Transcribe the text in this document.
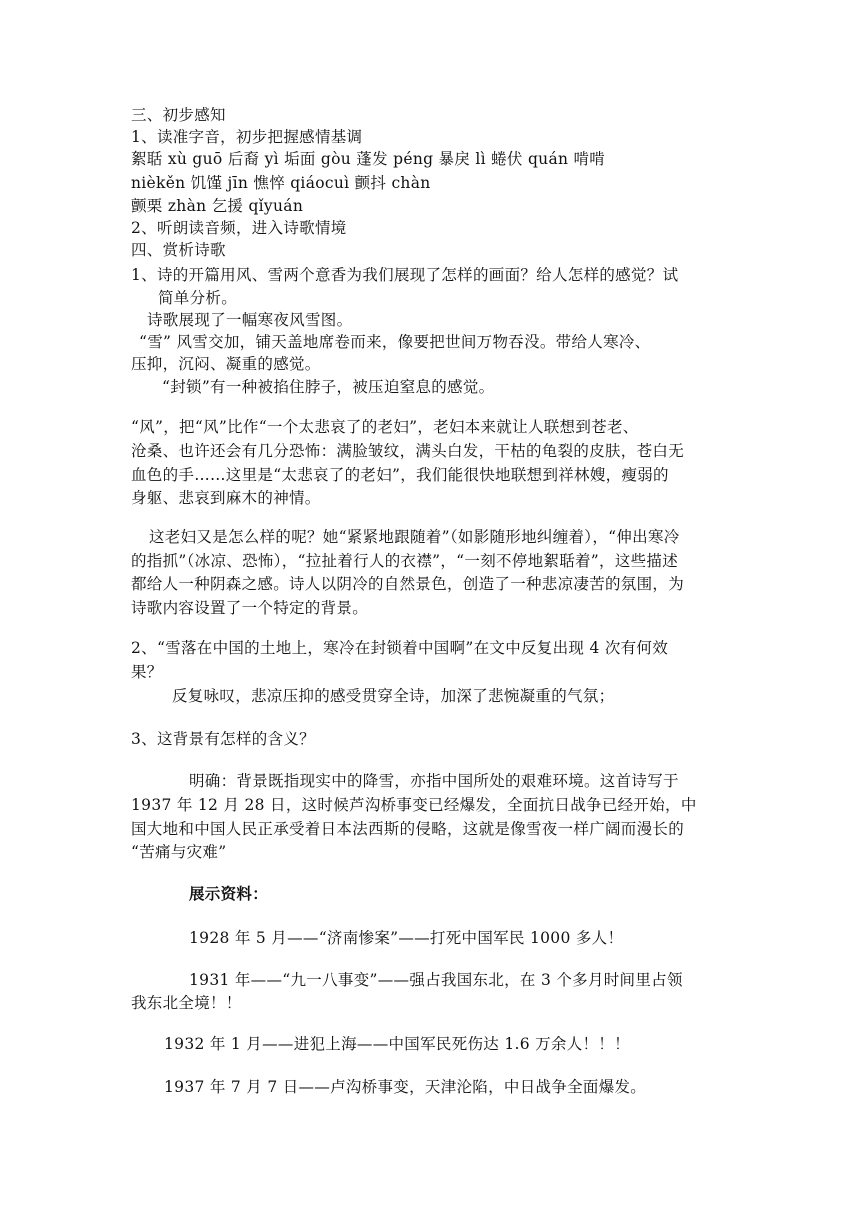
三、初步感知
1、读准字音，初步把握感情基调
絮聒 xù guō 后裔 yì 垢面 gòu 蓬发 péng 暴戾 lì 蜷伏 quán 啃啃
nièkěn 饥馑 jīn 憔悴 qiáocuì 颤抖 chàn
颤栗 zhàn 乞援 qǐyuán
2、听朗读音频，进入诗歌情境
四、赏析诗歌
1、诗的开篇用风、雪两个意香为我们展现了怎样的画面？给人怎样的感觉？试
简单分析。
诗歌展现了一幅寒夜风雪图。
“雪” 风雪交加，铺天盖地席卷而来，像要把世间万物吞没。带给人寒冷、
压抑，沉闷、凝重的感觉。
“封锁”有一种被掐住脖子，被压迫窒息的感觉。
“风”，把“风”比作“一个太悲哀了的老妇”，老妇本来就让人联想到苍老、
沧桑、也许还会有几分恐怖：满脸皱纹，满头白发，干枯的龟裂的皮肤，苍白无
血色的手……这里是“太悲哀了的老妇”，我们能很快地联想到祥林嫂，瘦弱的
身躯、悲哀到麻木的神情。
这老妇又是怎么样的呢？她“紧紧地跟随着”（如影随形地纠缠着），“伸出寒冷
的指抓”（冰凉、恐怖），“拉扯着行人的衣襟”，“一刻不停地絮聒着”，这些描述
都给人一种阴森之感。诗人以阴冷的自然景色，创造了一种悲凉凄苦的氛围，为
诗歌内容设置了一个特定的背景。
2、“雪落在中国的土地上，寒冷在封锁着中国啊”在文中反复出现 4 次有何效
果？
反复咏叹，悲凉压抑的感受贯穿全诗，加深了悲惋凝重的气氛；
3、这背景有怎样的含义？
明确：背景既指现实中的降雪，亦指中国所处的艰难环境。这首诗写于
1937 年 12 月 28 日，这时候芦沟桥事变已经爆发，全面抗日战争已经开始，中
国大地和中国人民正承受着日本法西斯的侵略，这就是像雪夜一样广阔而漫长的
“苦痛与灾难”
展示资料：
1928 年 5 月——“济南惨案”——打死中国军民 1000 多人！
1931 年——“九一八事变”——强占我国东北，在 3 个多月时间里占领
我东北全境！！
1932 年 1 月——进犯上海——中国军民死伤达 1.6 万余人！！！
1937 年 7 月 7 日——卢沟桥事变，天津沦陷，中日战争全面爆发。
